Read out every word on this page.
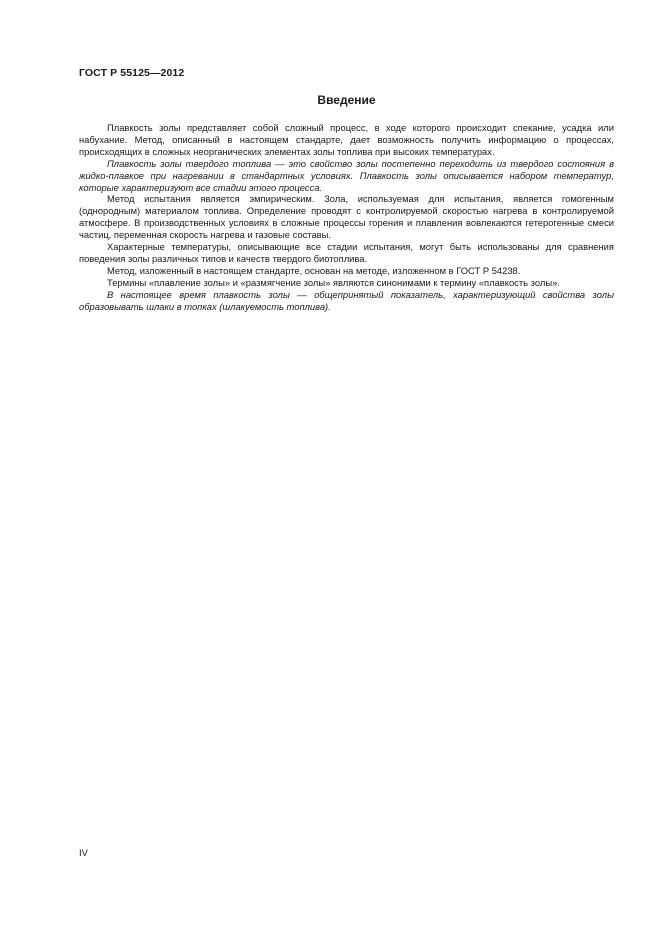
ГОСТ Р 55125—2012

Введение

Плавкость золы представляет собой сложный процесс, в ходе которого происходит спекание, усадка или набухание. Метод, описанный в настоящем стандарте, дает возможность получить информацию о процессах, происходящих в сложных неорганических элементах золы топлива при высоких температурах.

Плавкость золы твердого топлива — это свойство золы постепенно переходить из твердого состояния в жидко-плавкое при нагревании в стандартных условиях. Плавкость золы описывается набором температур, которые характеризуют все стадии этого процесса.

Метод испытания является эмпирическим. Зола, используемая для испытания, является гомогенным (однородным) материалом топлива. Определение проводят с контролируемой скоростью нагрева в контролируемой атмосфере. В производственных условиях в сложные процессы горения и плавления вовлекаются гетерогенные смеси частиц, переменная скорость нагрева и газовые составы.

Характерные температуры, описывающие все стадии испытания, могут быть использованы для сравнения поведения золы различных типов и качеств твердого биотоплива.

Метод, изложенный в настоящем стандарте, основан на методе, изложенном в ГОСТ Р 54238.

Термины «плавление золы» и «размягчение золы» являются синонимами к термину «плавкость золы».

В настоящее время плавкость золы — общепринятый показатель, характеризующий свойства золы образовывать шлаки в топках (шлакуемость топлива).

IV
